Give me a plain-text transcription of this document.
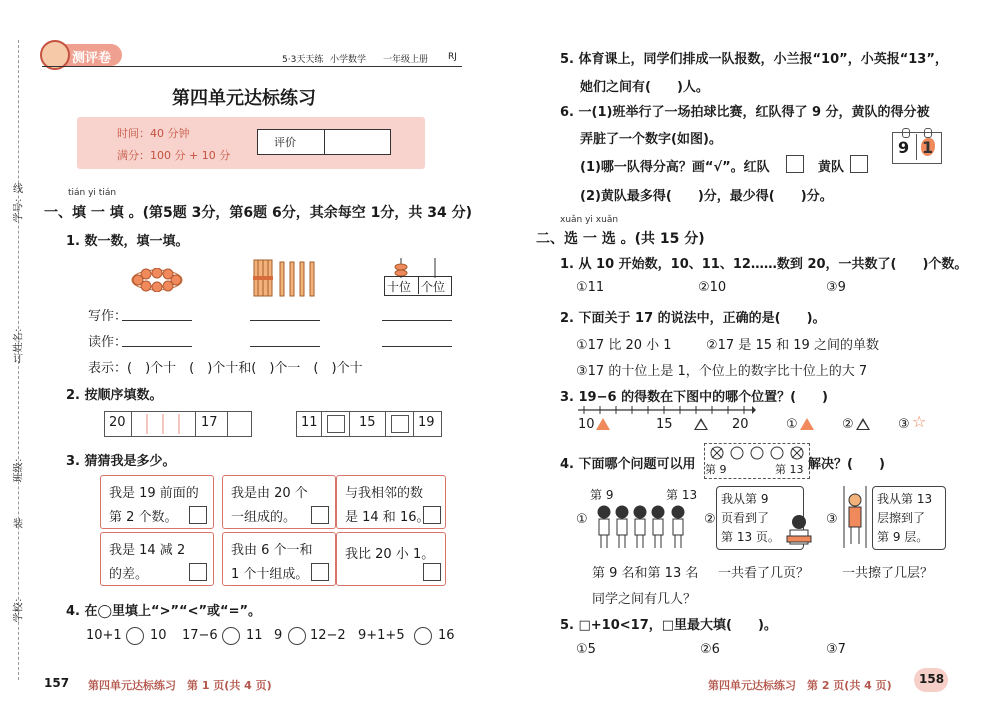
学号：
线
姓名：
订
班级：
装
学校：
测评卷	5·3天天练 小学数学 一年级上册 RJ
第四单元达标练习
时间：40 分钟
满分：100 分 + 10 分
评价
tián yi tián
一、填 一 填 。(第5题 3分，第6题 6分，其余每空 1分，共 34 分)
1. 数一数，填一填。
十位 个位
写作：
读作：
表示：(　)个十　(　)个十和(　)个一　(　)个十
2. 按顺序填数。
20	17	11	15	19
3. 猜猜我是多少。
我是 19 前面的
第 2 个数。
我是由 20 个
一组成的。
与我相邻的数
是 14 和 16。
我是 14 减 2
的差。
我由 6 个一和
1 个十组成。
我比 20 小 1。
4. 在◯里填上“>”“<”或“=”。
10+1 10 17−6 11 9 12−2 9+1+5	16
157 第四单元达标练习　第 1 页(共 4 页)
5. 体育课上，同学们排成一队报数，小兰报“10”，小英报“13”，
她们之间有(　　)人。
6. 一(1)班举行了一场拍球比赛，红队得了 9 分，黄队的得分被
弄脏了一个数字(如图)。
(1)哪一队得分高？画“√”。红队	黄队
(2)黄队最多得(　　)分，最少得(　　)分。
9 1
xuǎn yi xuǎn
二、选 一 选 。(共 15 分)
1. 从 10 开始数，10、11、12……数到 20，一共数了(　　)个数。
①11	②10	③9
2. 下面关于 17 的说法中，正确的是(　　)。
①17 比 20 小 1	②17 是 15 和 19 之间的单数
③17 的十位上是 1，个位上的数字比十位上的大 7
3. 19−6 的得数在下图中的哪个位置？(　　)
10	15	20	①	②	③ ☆
4. 下面哪个问题可以用 第 9	第 13 解决？(　　)
①
第 9	第 13
第 9 名和第 13 名
同学之间有几人？
②
我从第 9
页看到了
第 13 页。
一共看了几页？
③
我从第 13
层擦到了
第 9 层。
一共擦了几层？
5. □+10<17，□里最大填(　　)。
①5	②6	③7
第四单元达标练习　第 2 页(共 4 页) 158
